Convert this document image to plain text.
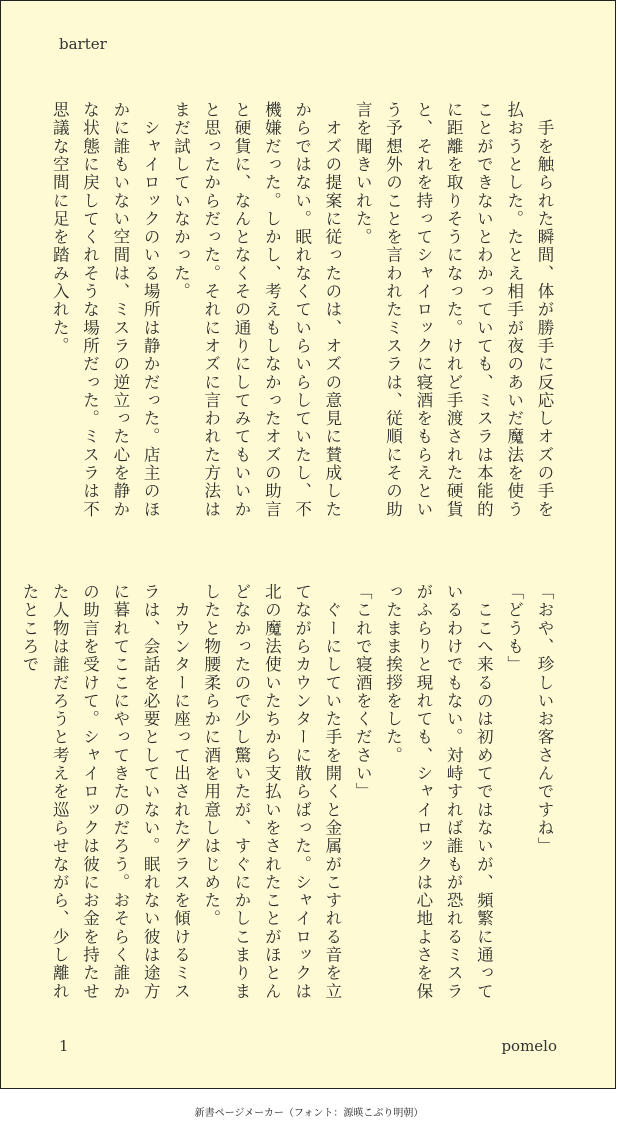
barter

　手を触られた瞬間、体が勝手に反応しオズの手を払おうとした。たとえ相手が夜のあいだ魔法を使うことができないとわかっていても、ミスラは本能的に距離を取りそうになった。けれど手渡された硬貨と、それを持ってシャイロックに寝酒をもらえという予想外のことを言われたミスラは、従順にその助言を聞きいれた。

　オズの提案に従ったのは、オズの意見に賛成したからではない。眠れなくていらいらしていたし、不機嫌だった。しかし、考えもしなかったオズの助言と硬貨に、なんとなくその通りにしてみてもいいかと思ったからだった。それにオズに言われた方法はまだ試していなかった。

　シャイロックのいる場所は静かだった。店主のほかに誰もいない空間は、ミスラの逆立った心を静かな状態に戻してくれそうな場所だった。ミスラは不思議な空間に足を踏み入れた。

「おや、珍しいお客さんですね」

「どうも」

　ここへ来るのは初めてではないが、頻繁に通っているわけでもない。対峙すれば誰もが恐れるミスラがふらりと現れても、シャイロックは心地よさを保ったまま挨拶をした。

「これで寝酒をください」

　ぐーにしていた手を開くと金属がこすれる音を立てながらカウンターに散らばった。シャイロックは北の魔法使いたちから支払いをされたことがほとんどなかったので少し驚いたが、すぐにかしこまりましたと物腰柔らかに酒を用意しはじめた。

　カウンターに座って出されたグラスを傾けるミスラは、会話を必要としていない。眠れない彼は途方に暮れてここにやってきたのだろう。おそらく誰かの助言を受けて。シャイロックは彼にお金を持たせた人物は誰だろうと考えを巡らせながら、少し離れたところで

1	pomelo
新書ページメーカー（フォント：源暎こぶり明朝）
